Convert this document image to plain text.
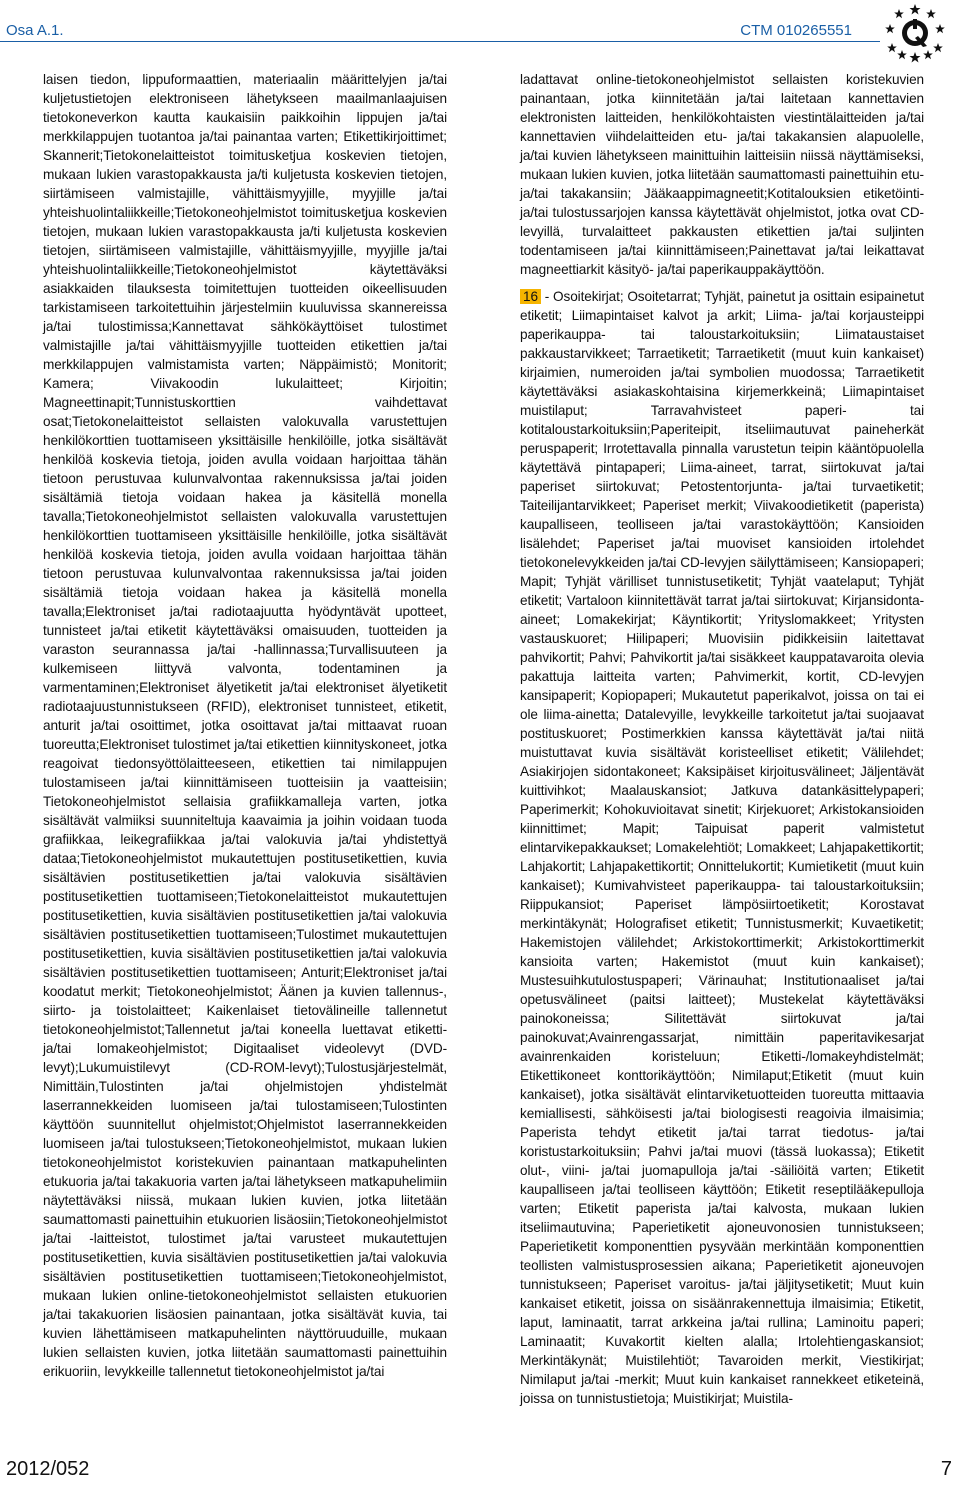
Osa A.1.	CTM 010265551

laisen tiedon, lippuformaattien, materiaalin määrittelyjen ja/tai kuljetustietojen elektroniseen lähetykseen maailmanlaajuisen tietokoneverkon kautta kaukaisiin paikkoihin lippujen ja/tai merkkilappujen tuotantoa ja/tai painantaa varten; Etikettikirjoittimet; Skannerit;Tietokonelaitteistot toimitusketjua koskevien tietojen, mukaan lukien varastopakkausta ja/ti kuljetusta koskevien tietojen, siirtämiseen valmistajille, vähittäismyyjille, myyjille ja/tai yhteishuolintaliikkeille;Tietokoneohjelmistot toimitusketjua koskevien tietojen, mukaan lukien varastopakkausta ja/ti kuljetusta koskevien tietojen, siirtämiseen valmistajille, vähittäismyyjille, myyjille ja/tai yhteishuolintaliikkeille;Tietokoneohjelmistot käytettäväksi asiakkaiden tilauksesta toimitettujen tuotteiden oikeellisuuden tarkistamiseen tarkoitettuihin järjestelmiin kuuluvissa skannereissa ja/tai tulostimissa;Kannettavat sähkökäyttöiset tulostimet valmistajille ja/tai vähittäismyyjille tuotteiden etikettien ja/tai merkkilappujen valmistamista varten; Näppäimistö; Monitorit; Kamera; Viivakoodin lukulaitteet; Kirjoitin; Magneettinapit;Tunnistuskorttien vaihdettavat osat;Tietokonelaitteistot sellaisten valokuvalla varustettujen henkilökorttien tuottamiseen yksittäisille henkilöille, jotka sisältävät henkilöä koskevia tietoja, joiden avulla voidaan harjoittaa tähän tietoon perustuvaa kulunvalvontaa rakennuksissa ja/tai joiden sisältämiä tietoja voidaan hakea ja käsitellä monella tavalla;Tietokoneohjelmistot sellaisten valokuvalla varustettujen henkilökorttien tuottamiseen yksittäisille henkilöille, jotka sisältävät henkilöä koskevia tietoja, joiden avulla voidaan harjoittaa tähän tietoon perustuvaa kulunvalvontaa rakennuksissa ja/tai joiden sisältämiä tietoja voidaan hakea ja käsitellä monella tavalla;Elektroniset ja/tai radiotaajuutta hyödyntävät upotteet, tunnisteet ja/tai etiketit käytettäväksi omaisuuden, tuotteiden ja varaston seurannassa ja/tai -hallinnassa;Turvallisuuteen ja kulkemiseen liittyvä valvonta, todentaminen ja varmentaminen;Elektroniset älyetiketit ja/tai elektroniset älyetiketit radiotaajuustunnistukseen (RFID), elektroniset tunnisteet, etiketit, anturit ja/tai osoittimet, jotka osoittavat ja/tai mittaavat ruoan tuoreutta;Elektroniset tulostimet ja/tai etikettien kiinnityskoneet, jotka reagoivat tiedonsyöttölaitteeseen, etikettien tai nimilappujen tulostamiseen ja/tai kiinnittämiseen tuotteisiin ja vaatteisiin; Tietokoneohjelmistot sellaisia grafiikkamalleja varten, jotka sisältävät valmiiksi suunniteltuja kaavaimia ja joihin voidaan tuoda grafiikkaa, leikegrafiikkaa ja/tai valokuvia ja/tai yhdistettyä dataa;Tietokoneohjelmistot mukautettujen postitusetikettien, kuvia sisältävien postitusetikettien ja/tai valokuvia sisältävien postitusetikettien tuottamiseen;Tietokonelaitteistot mukautettujen postitusetikettien, kuvia sisältävien postitusetikettien ja/tai valokuvia sisältävien postitusetikettien tuottamiseen;Tulostimet mukautettujen postitusetikettien, kuvia sisältävien postitusetikettien ja/tai valokuvia sisältävien postitusetikettien tuottamiseen; Anturit;Elektroniset ja/tai koodatut merkit; Tietokoneohjelmistot; Äänen ja kuvien tallennus-, siirto- ja toistolaitteet; Kaikenlaiset tietovälineille tallennetut tietokoneohjelmistot;Tallennetut ja/tai koneella luettavat etiketti- ja/tai lomakeohjelmistot; Digitaaliset videolevyt (DVD-levyt);Lukumuistilevyt (CD-ROM-levyt);Tulostusjärjestelmät, Nimittäin,Tulostinten ja/tai ohjelmistojen yhdistelmät laserrannekkeiden luomiseen ja/tai tulostamiseen;Tulostinten käyttöön suunnitellut ohjelmistot;Ohjelmistot laserrannekkeiden luomiseen ja/tai tulostukseen;Tietokoneohjelmistot, mukaan lukien tietokoneohjelmistot koristekuvien painantaan matkapuhelinten etukuoria ja/tai takakuoria varten ja/tai lähetykseen matkapuhelimiin näytettäväksi niissä, mukaan lukien kuvien, jotka liitetään saumattomasti painettuihin etukuorien lisäosiin;Tietokoneohjelmistot ja/tai -laitteistot, tulostimet ja/tai varusteet mukautettujen postitusetikettien, kuvia sisältävien postitusetikettien ja/tai valokuvia sisältävien postitusetikettien tuottamiseen;Tietokoneohjelmistot, mukaan lukien online-tietokoneohjelmistot sellaisten etukuorien ja/tai takakuorien lisäosien painantaan, jotka sisältävät kuvia, tai kuvien lähettämiseen matkapuhelinten näyttöruuduille, mukaan lukien sellaisten kuvien, jotka liitetään saumattomasti painettuihin erikuoriin, levykkeille tallennetut tietokoneohjelmistot ja/tai

ladattavat online-tietokoneohjelmistot sellaisten koristekuvien painantaan, jotka kiinnitetään ja/tai laitetaan kannettavien elektronisten laitteiden, henkilökohtaisten viestintälaitteiden ja/tai kannettavien viihdelaitteiden etu- ja/tai takakansien alapuolelle, ja/tai kuvien lähetykseen mainittuihin laitteisiin niissä näyttämiseksi, mukaan lukien kuvien, jotka liitetään saumattomasti painettuihin etu- ja/tai takakansiin; Jääkaappimagneetit;Kotitalouksien etiketöinti- ja/tai tulostussarjojen kanssa käytettävät ohjelmistot, jotka ovat CD-levyillä, turvalaitteet pakkausten etikettien ja/tai suljinten todentamiseen ja/tai kiinnittämiseen;Painettavat ja/tai leikattavat magneettiarkit käsityö- ja/tai paperikauppakäyttöön.

16 - Osoitekirjat; Osoitetarrat; Tyhjät, painetut ja osittain esipainetut etiketit; Liimapintaiset kalvot ja arkit; Liima- ja/tai korjausteippi paperikauppa- tai taloustarkoituksiin; Liimataustaiset pakkaustarvikkeet; Tarraetiketit; Tarraetiketit (muut kuin kankaiset) kirjaimien, numeroiden ja/tai symbolien muodossa; Tarraetiketit käytettäväksi asiakaskohtaisina kirjemerkkeinä; Liimapintaiset muistilaput; Tarravahvisteet paperi- tai kotitaloustarkoituksiin;Paperiteipit, itseliimautuvat paineherkät peruspaperit; Irrotettavalla pinnalla varustetun teipin kääntöpuolella käytettävä pintapaperi; Liima-aineet, tarrat, siirtokuvat ja/tai paperiset siirtokuvat; Petostentorjunta- ja/tai turvaetiketit; Taiteilijantarvikkeet; Paperiset merkit; Viivakoodietiketit (paperista) kaupalliseen, teolliseen ja/tai varastokäyttöön; Kansioiden lisälehdet; Paperiset ja/tai muoviset kansioiden irtolehdet tietokonelevykkeiden ja/tai CD-levyjen säilyttämiseen; Kansiopaperi; Mapit; Tyhjät värilliset tunnistusetiketit; Tyhjät vaatelaput; Tyhjät etiketit; Vartaloon kiinnitettävät tarrat ja/tai siirtokuvat; Kirjansidonta-aineet; Lomakekirjat; Käyntikortit; Yrityslomakkeet; Yritysten vastauskuoret; Hiilipaperi; Muovisiin pidikkeisiin laitettavat pahvikortit; Pahvi; Pahvikortit ja/tai sisäkkeet kauppatavaroita olevia pakattuja laitteita varten; Pahvimerkit, kortit, CD-levyjen kansipaperit; Kopiopaperi; Mukautetut paperikalvot, joissa on tai ei ole liima-ainetta; Datalevyille, levykkeille tarkoitetut ja/tai suojaavat postituskuoret; Postimerkkien kanssa käytettävät ja/tai niitä muistuttavat kuvia sisältävät koristeelliset etiketit; Välilehdet; Asiakirjojen sidontakoneet; Kaksipäiset kirjoitusvälineet; Jäljentävät kuittivihkot; Maalauskansiot; Jatkuva datankäsittelypaperi; Paperimerkit; Kohokuvioitavat sinetit; Kirjekuoret; Arkistokansioiden kiinnittimet; Mapit; Taipuisat paperit valmistetut elintarvikepakkaukset; Lomakelehtiöt; Lomakkeet; Lahjapakettikortit; Lahjakortit; Lahjapakettikortit; Onnittelukortit; Kumietiketit (muut kuin kankaiset); Kumivahvisteet paperikauppa- tai taloustarkoituksiin; Riippukansiot; Paperiset lämpösiirtoetiketit; Korostavat merkintäkynät; Holografiset etiketit; Tunnistusmerkit; Kuvaetiketit; Hakemistojen välilehdet; Arkistokorttimerkit; Arkistokorttimerkit kansioita varten; Hakemistot (muut kuin kankaiset); Mustesuihkutulostuspaperi; Värinauhat; Institutionaaliset ja/tai opetusvälineet (paitsi laitteet); Mustekelat käytettäväksi painokoneissa; Silitettävät siirtokuvat ja/tai painokuvat;Avainrengassarjat, nimittäin paperitavikesarjat avainrenkaiden koristeluun; Etiketti-/lomakeyhdistelmät; Etikettikoneet konttorikäyttöön; Nimilaput;Etiketit (muut kuin kankaiset), jotka sisältävät elintarviketuotteiden tuoreutta mittaavia kemiallisesti, sähköisesti ja/tai biologisesti reagoivia ilmaisimia; Paperista tehdyt etiketit ja/tai tarrat tiedotus- ja/tai koristustarkoituksiin; Pahvi ja/tai muovi (tässä luokassa); Etiketit olut-, viini- ja/tai juomapulloja ja/tai -säiliöitä varten; Etiketit kaupalliseen ja/tai teolliseen käyttöön; Etiketit reseptilääkepulloja varten; Etiketit paperista ja/tai kalvosta, mukaan lukien itseliimautuvina; Paperietiketit ajoneuvonosien tunnistukseen; Paperietiketit komponenttien pysyvään merkintään komponenttien teollisten valmistusprosessien aikana; Paperietiketit ajoneuvojen tunnistukseen; Paperiset varoitus- ja/tai jäljitysetiketit; Muut kuin kankaiset etiketit, joissa on sisäänrakennettuja ilmaisimia; Etiketit, laput, laminaatit, tarrat arkkeina ja/tai rullina; Laminoitu paperi; Laminaatit; Kuvakortit kielten alalla; Irtolehtiengaskansiot; Merkintäkynät; Muistilehtiöt; Tavaroiden merkit, Viestikirjat; Nimilaput ja/tai -merkit; Muut kuin kankaiset rannekkeet etiketeinä, joissa on tunnistustietoja; Muistikirjat; Muistila-

2012/052	7
